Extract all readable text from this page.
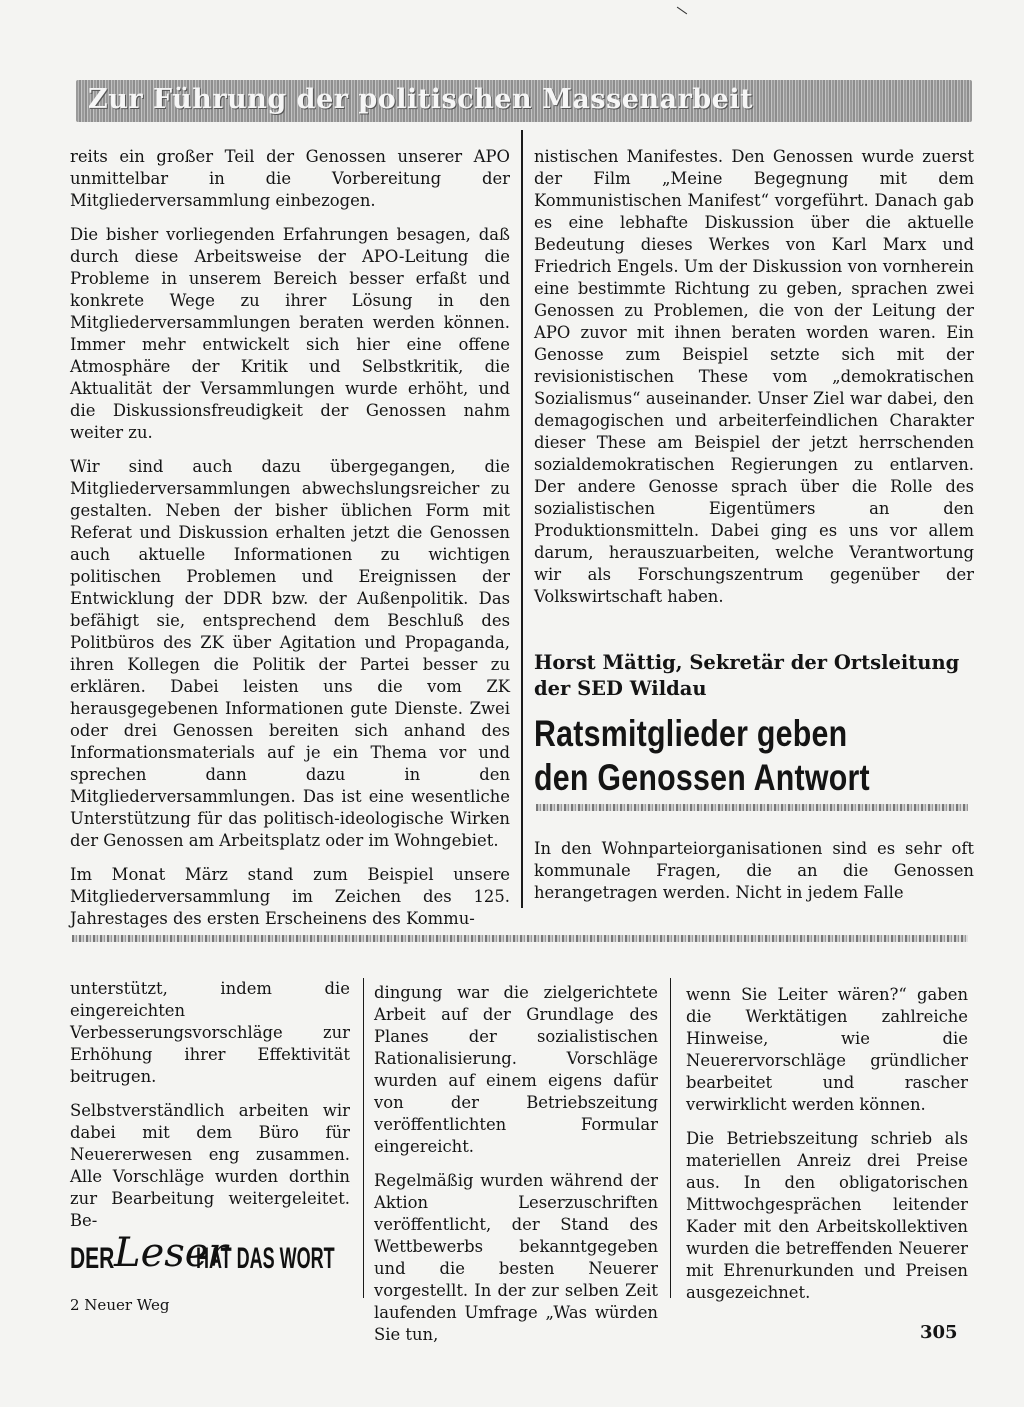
Zur Führung der politischen Massenarbeit

reits ein großer Teil der Genossen unserer APO unmittelbar in die Vorbereitung der Mitgliederversammlung einbezogen.

Die bisher vorliegenden Erfahrungen besagen, daß durch diese Arbeitsweise der APO-Leitung die Probleme in unserem Bereich besser erfaßt und konkrete Wege zu ihrer Lösung in den Mitgliederversammlungen beraten werden können. Immer mehr entwickelt sich hier eine offene Atmosphäre der Kritik und Selbstkritik, die Aktualität der Versammlungen wurde erhöht, und die Diskussionsfreudigkeit der Genossen nahm weiter zu.

Wir sind auch dazu übergegangen, die Mitgliederversammlungen abwechslungsreicher zu gestalten. Neben der bisher üblichen Form mit Referat und Diskussion erhalten jetzt die Genossen auch aktuelle Informationen zu wichtigen politischen Problemen und Ereignissen der Entwicklung der DDR bzw. der Außenpolitik. Das befähigt sie, entsprechend dem Beschluß des Politbüros des ZK über Agitation und Propaganda, ihren Kollegen die Politik der Partei besser zu erklären. Dabei leisten uns die vom ZK herausgegebenen Informationen gute Dienste. Zwei oder drei Genossen bereiten sich anhand des Informationsmaterials auf je ein Thema vor und sprechen dann dazu in den Mitgliederversammlungen. Das ist eine wesentliche Unterstützung für das politisch-ideologische Wirken der Genossen am Arbeitsplatz oder im Wohngebiet.

Im Monat März stand zum Beispiel unsere Mitgliederversammlung im Zeichen des 125. Jahrestages des ersten Erscheinens des Kommu-

nistischen Manifestes. Den Genossen wurde zuerst der Film „Meine Begegnung mit dem Kommunistischen Manifest“ vorgeführt. Danach gab es eine lebhafte Diskussion über die aktuelle Bedeutung dieses Werkes von Karl Marx und Friedrich Engels. Um der Diskussion von vornherein eine bestimmte Richtung zu geben, sprachen zwei Genossen zu Problemen, die von der Leitung der APO zuvor mit ihnen beraten worden waren. Ein Genosse zum Beispiel setzte sich mit der revisionistischen These vom „demokratischen Sozialismus“ auseinander. Unser Ziel war dabei, den demagogischen und arbeiterfeindlichen Charakter dieser These am Beispiel der jetzt herrschenden sozialdemokratischen Regierungen zu entlarven. Der andere Genosse sprach über die Rolle des sozialistischen Eigentümers an den Produktionsmitteln. Dabei ging es uns vor allem darum, herauszuarbeiten, welche Verantwortung wir als Forschungszentrum gegenüber der Volkswirtschaft haben.

Horst Mättig, Sekretär der Ortsleitung der SED Wildau
Ratsmitglieder geben
den Genossen Antwort

In den Wohnparteiorganisationen sind es sehr oft kommunale Fragen, die an die Genossen herangetragen werden. Nicht in jedem Falle

unterstützt, indem die eingereichten Verbesserungsvorschläge zur Erhöhung ihrer Effektivität beitrugen.

Selbstverständlich arbeiten wir dabei mit dem Büro für Neuererwesen eng zusammen. Alle Vorschläge wurden dorthin zur Bearbeitung weitergeleitet. Be-

dingung war die zielgerichtete Arbeit auf der Grundlage des Planes der sozialistischen Rationalisierung. Vorschläge wurden auf einem eigens dafür von der Betriebszeitung veröffentlichten Formular eingereicht.

Regelmäßig wurden während der Aktion Leserzuschriften veröffentlicht, der Stand des Wettbewerbs bekanntgegeben und die besten Neuerer vorgestellt. In der zur selben Zeit laufenden Umfrage „Was würden Sie tun,

wenn Sie Leiter wären?“ gaben die Werktätigen zahlreiche Hinweise, wie die Neuerervorschläge gründlicher bearbeitet und rascher verwirklicht werden können.

Die Betriebszeitung schrieb als materiellen Anreiz drei Preise aus. In den obligatorischen Mittwochgesprächen leitender Kader mit den Arbeitskollektiven wurden die betreffenden Neuerer mit Ehrenurkunden und Preisen ausgezeichnet.

DER Leser
HAT DAS WORT
2 Neuer Weg
305
